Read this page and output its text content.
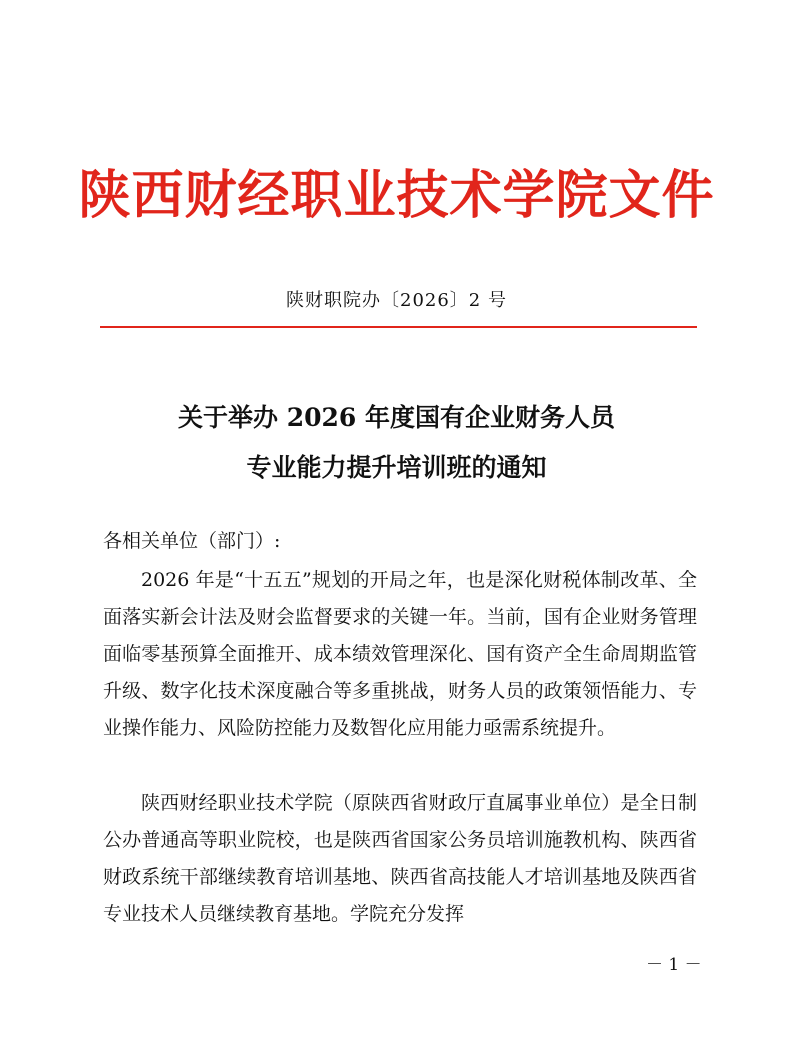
陕西财经职业技术学院文件
陕财职院办〔2026〕2 号
关于举办 2026 年度国有企业财务人员
专业能力提升培训班的通知
各相关单位（部门）:

2026 年是“十五五”规划的开局之年，也是深化财税体制改革、全面落实新会计法及财会监督要求的关键一年。当前，国有企业财务管理面临零基预算全面推开、成本绩效管理深化、国有资产全生命周期监管升级、数字化技术深度融合等多重挑战，财务人员的政策领悟能力、专业操作能力、风险防控能力及数智化应用能力亟需系统提升。

陕西财经职业技术学院（原陕西省财政厅直属事业单位）是全日制公办普通高等职业院校，也是陕西省国家公务员培训施教机构、陕西省财政系统干部继续教育培训基地、陕西省高技能人才培训基地及陕西省专业技术人员继续教育基地。学院充分发挥

－ 1 －
